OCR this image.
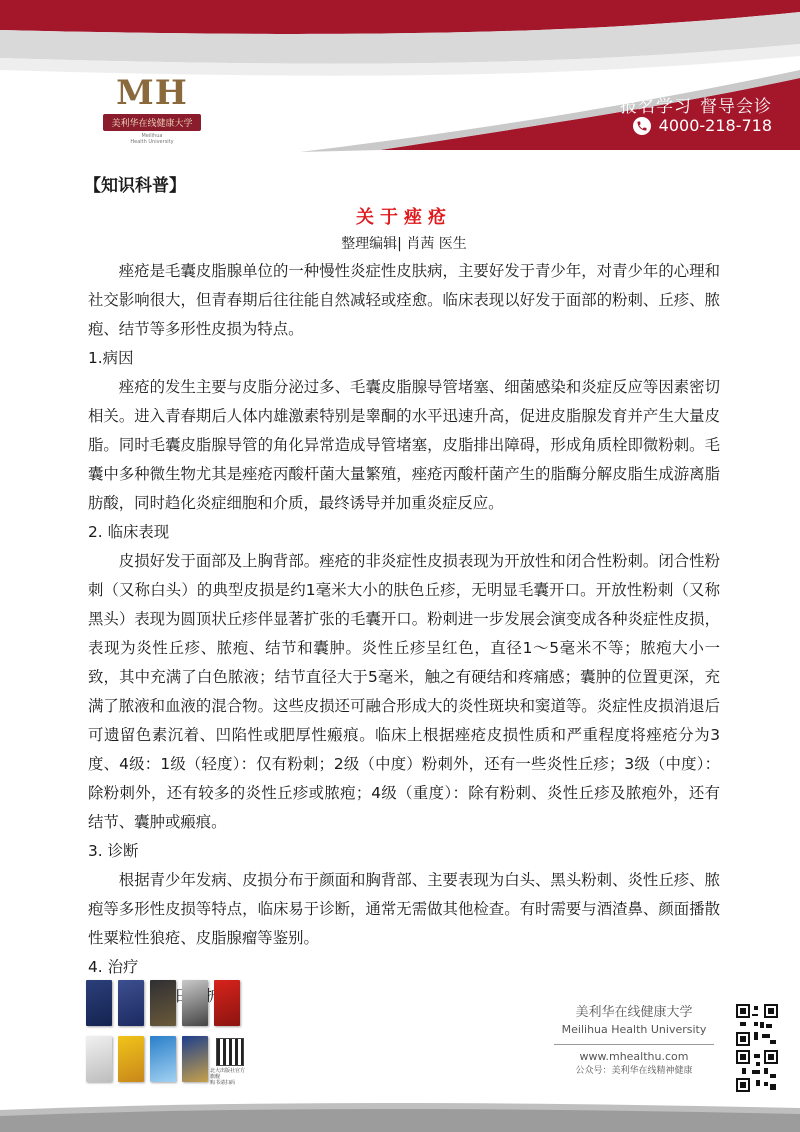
MH
美利华在线健康大学
Meilihua
Health University
报名学习 督导会诊
4000-218-718
【知识科普】
关于痤疮
整理编辑| 肖茜 医生

痤疮是毛囊皮脂腺单位的一种慢性炎症性皮肤病，主要好发于青少年，对青少年的心理和社交影响很大，但青春期后往往能自然减轻或痊愈。临床表现以好发于面部的粉刺、丘疹、脓疱、结节等多形性皮损为特点。

1.病因

痤疮的发生主要与皮脂分泌过多、毛囊皮脂腺导管堵塞、细菌感染和炎症反应等因素密切相关。进入青春期后人体内雄激素特别是睾酮的水平迅速升高，促进皮脂腺发育并产生大量皮脂。同时毛囊皮脂腺导管的角化异常造成导管堵塞，皮脂排出障碍，形成角质栓即微粉刺。毛囊中多种微生物尤其是痤疮丙酸杆菌大量繁殖，痤疮丙酸杆菌产生的脂酶分解皮脂生成游离脂肪酸，同时趋化炎症细胞和介质，最终诱导并加重炎症反应。

2. 临床表现

皮损好发于面部及上胸背部。痤疮的非炎症性皮损表现为开放性和闭合性粉刺。闭合性粉刺（又称白头）的典型皮损是约1毫米大小的肤色丘疹，无明显毛囊开口。开放性粉刺（又称黑头）表现为圆顶状丘疹伴显著扩张的毛囊开口。粉刺进一步发展会演变成各种炎症性皮损，表现为炎性丘疹、脓疱、结节和囊肿。炎性丘疹呈红色，直径1～5毫米不等；脓疱大小一致，其中充满了白色脓液；结节直径大于5毫米，触之有硬结和疼痛感；囊肿的位置更深，充满了脓液和血液的混合物。这些皮损还可融合形成大的炎性斑块和窦道等。炎症性皮损消退后可遗留色素沉着、凹陷性或肥厚性瘢痕。临床上根据痤疮皮损性质和严重程度将痤疮分为3度、4级：1级（轻度）：仅有粉刺；2级（中度）粉刺外，还有一些炎性丘疹；3级（中度）：除粉刺外，还有较多的炎性丘疹或脓疱；4级（重度）：除有粉刺、炎性丘疹及脓疱外，还有结节、囊肿或瘢痕。

3. 诊断

根据青少年发病、皮损分布于颜面和胸背部、主要表现为白头、黑头粉刺、炎性丘疹、脓疱等多形性皮损等特点，临床易于诊断，通常无需做其他检查。有时需要与酒渣鼻、颜面播散性粟粒性狼疮、皮脂腺瘤等鉴别。

4. 治疗

北大出版社官方旗舰
购书请扫码
美利华在线健康大学
Meilihua Health University
www.mhealthu.com
公众号：美利华在线精神健康
